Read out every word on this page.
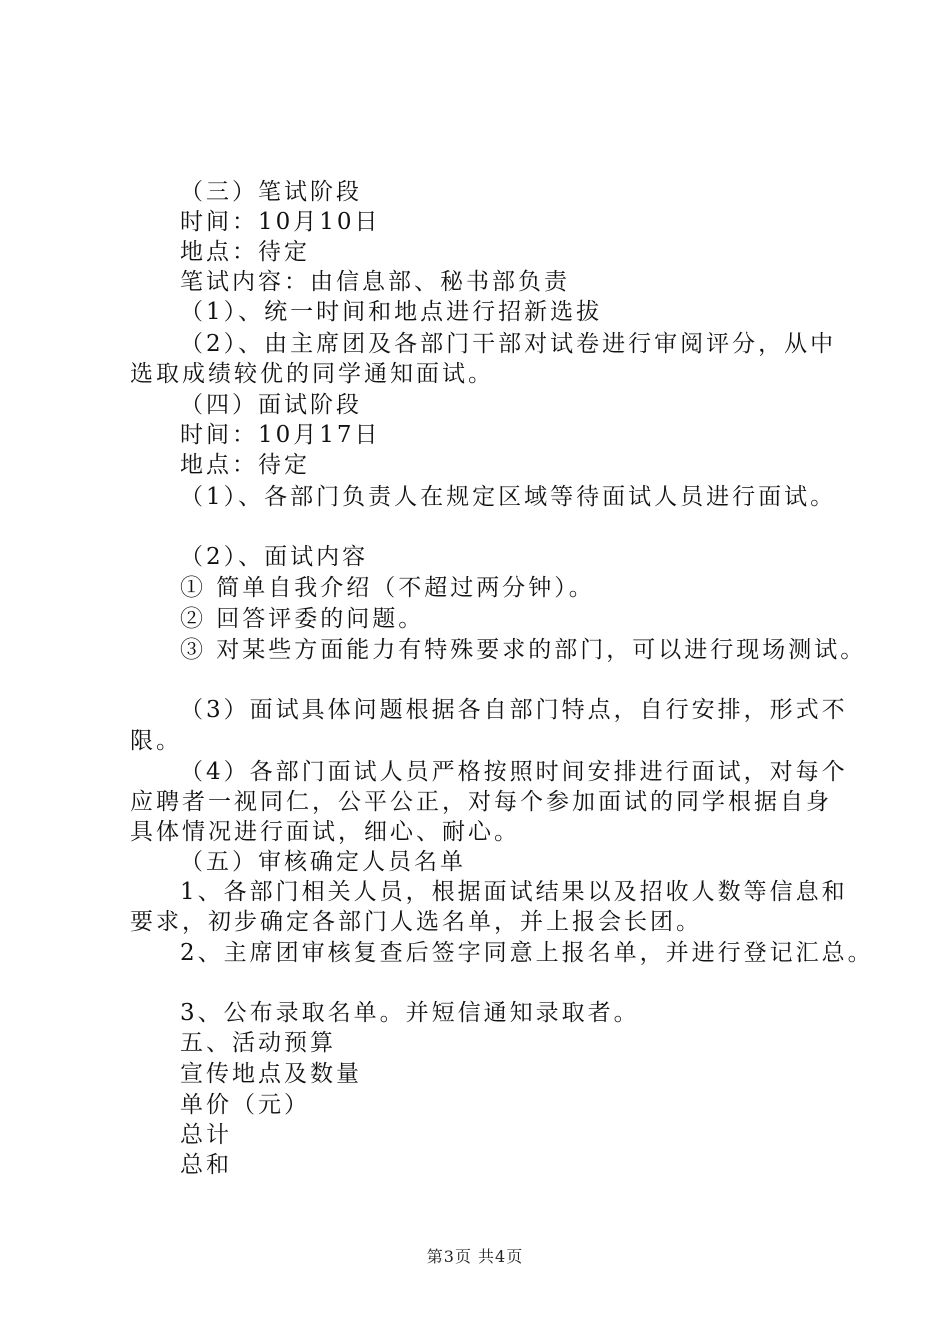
（三）笔试阶段
时间：10月10日
地点：待定
笔试内容：由信息部、秘书部负责
（1）、统一时间和地点进行招新选拔
（2）、由主席团及各部门干部对试卷进行审阅评分，从中
选取成绩较优的同学通知面试。
（四）面试阶段
时间：10月17日
地点：待定
（1）、各部门负责人在规定区域等待面试人员进行面试。
（2）、面试内容
① 简单自我介绍（不超过两分钟）。
② 回答评委的问题。
③ 对某些方面能力有特殊要求的部门，可以进行现场测试。
（3）面试具体问题根据各自部门特点，自行安排，形式不
限。
（4）各部门面试人员严格按照时间安排进行面试，对每个
应聘者一视同仁，公平公正，对每个参加面试的同学根据自身
具体情况进行面试，细心、耐心。
（五）审核确定人员名单
1、各部门相关人员，根据面试结果以及招收人数等信息和
要求，初步确定各部门人选名单，并上报会长团。
2、主席团审核复查后签字同意上报名单，并进行登记汇总。
3、公布录取名单。并短信通知录取者。
五、活动预算
宣传地点及数量
单价（元）
总计
总和
第3页 共4页
